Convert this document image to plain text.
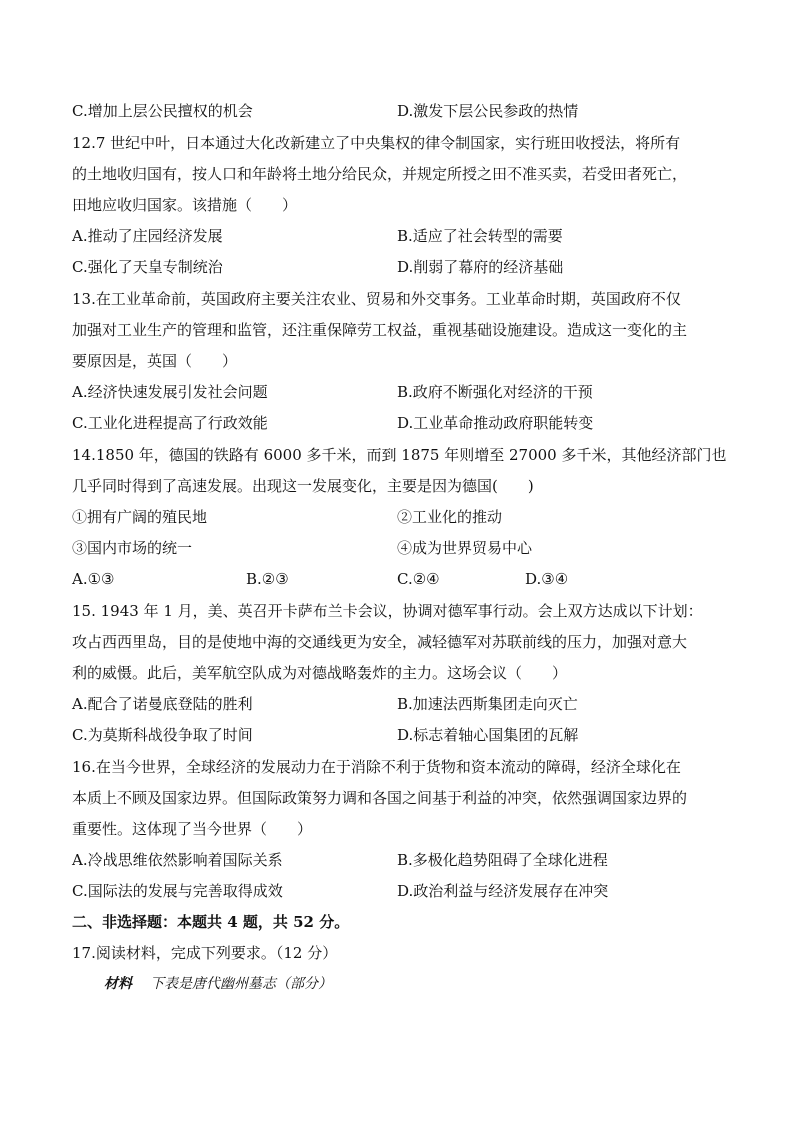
C.增加上层公民擅权的机会	D.激发下层公民参政的热情
12.7 世纪中叶，日本通过大化改新建立了中央集权的律令制国家，实行班田收授法，将所有
的土地收归国有，按人口和年龄将土地分给民众，并规定所授之田不准买卖，若受田者死亡，
田地应收归国家。该措施（　　）
A.推动了庄园经济发展	B.适应了社会转型的需要
C.强化了天皇专制统治	D.削弱了幕府的经济基础
13.在工业革命前，英国政府主要关注农业、贸易和外交事务。工业革命时期，英国政府不仅
加强对工业生产的管理和监管，还注重保障劳工权益，重视基础设施建设。造成这一变化的主
要原因是，英国（　　）
A.经济快速发展引发社会问题	B.政府不断强化对经济的干预
C.工业化进程提高了行政效能	D.工业革命推动政府职能转变
14.1850 年，德国的铁路有 6000 多千米，而到 1875 年则增至 27000 多千米，其他经济部门也
几乎同时得到了高速发展。出现这一发展变化，主要是因为德国(　　)
①拥有广阔的殖民地	②工业化的推动
③国内市场的统一	④成为世界贸易中心
A.①③	B.②③	C.②④	D.③④
15. 1943 年 1 月，美、英召开卡萨布兰卡会议，协调对德军事行动。会上双方达成以下计划：
攻占西西里岛，目的是使地中海的交通线更为安全，减轻德军对苏联前线的压力，加强对意大
利的威慑。此后，美军航空队成为对德战略轰炸的主力。这场会议（　　）
A.配合了诺曼底登陆的胜利	B.加速法西斯集团走向灭亡
C.为莫斯科战役争取了时间	D.标志着轴心国集团的瓦解
16.在当今世界，全球经济的发展动力在于消除不利于货物和资本流动的障碍，经济全球化在
本质上不顾及国家边界。但国际政策努力调和各国之间基于利益的冲突，依然强调国家边界的
重要性。这体现了当今世界（　　）
A.冷战思维依然影响着国际关系	B.多极化趋势阻碍了全球化进程
C.国际法的发展与完善取得成效	D.政治利益与经济发展存在冲突
二、非选择题：本题共 4 题，共 52 分。
17.阅读材料，完成下列要求。（12 分）
材料 下表是唐代幽州墓志（部分）
